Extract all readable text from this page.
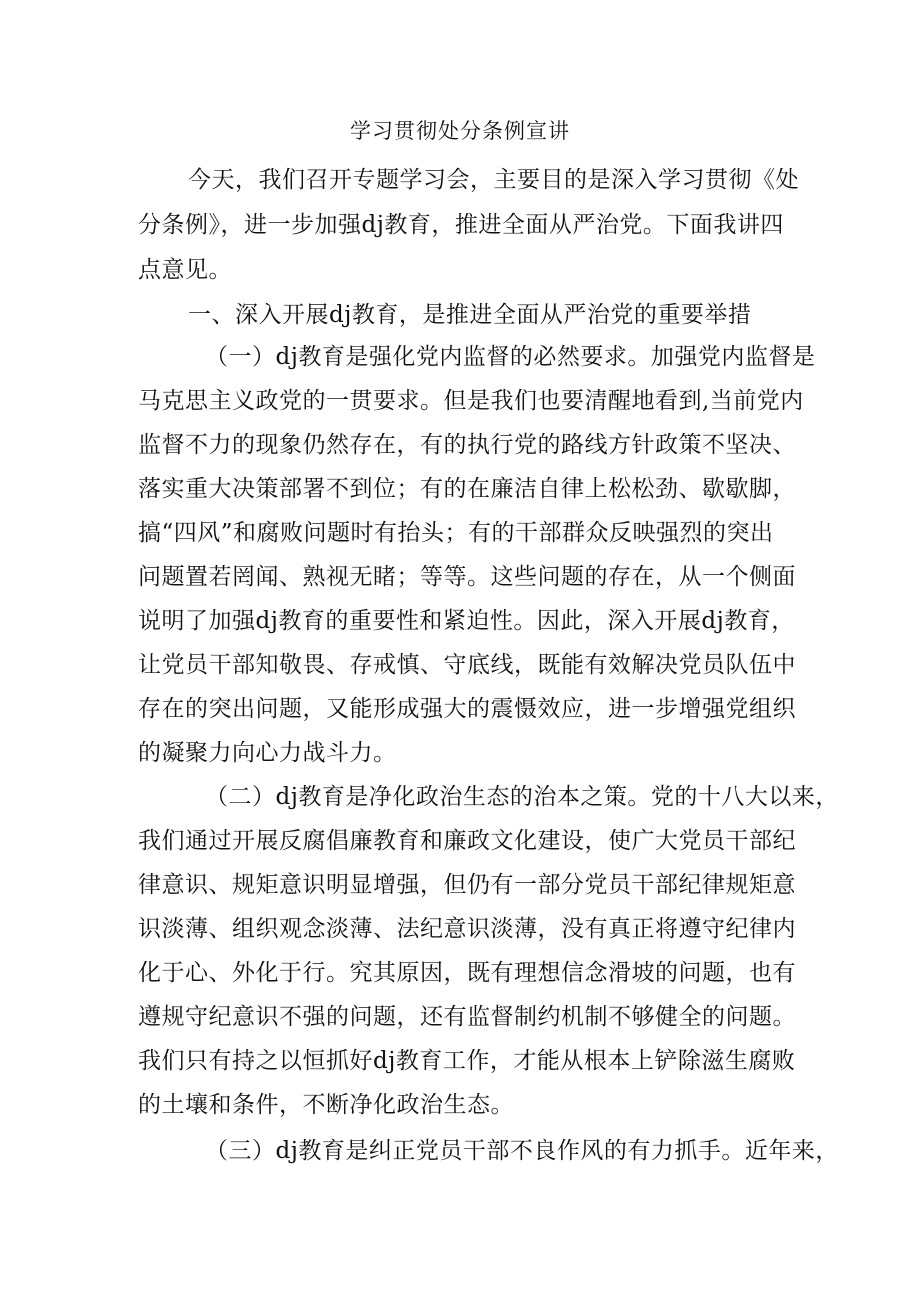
学习贯彻处分条例宣讲
今天，我们召开专题学习会，主要目的是深入学习贯彻《处
分条例》，进一步加强dj教育，推进全面从严治党。下面我讲四
点意见。
一、深入开展dj教育，是推进全面从严治党的重要举措
（一）dj教育是强化党内监督的必然要求。加强党内监督是
马克思主义政党的一贯要求。但是我们也要清醒地看到,当前党内
监督不力的现象仍然存在，有的执行党的路线方针政策不坚决、
落实重大决策部署不到位；有的在廉洁自律上松松劲、歇歇脚，
搞“四风”和腐败问题时有抬头；有的干部群众反映强烈的突出
问题置若罔闻、熟视无睹；等等。这些问题的存在，从一个侧面
说明了加强dj教育的重要性和紧迫性。因此，深入开展dj教育，
让党员干部知敬畏、存戒慎、守底线，既能有效解决党员队伍中
存在的突出问题，又能形成强大的震慑效应，进一步增强党组织
的凝聚力向心力战斗力。
（二）dj教育是净化政治生态的治本之策。党的十八大以来，
我们通过开展反腐倡廉教育和廉政文化建设，使广大党员干部纪
律意识、规矩意识明显增强，但仍有一部分党员干部纪律规矩意
识淡薄、组织观念淡薄、法纪意识淡薄，没有真正将遵守纪律内
化于心、外化于行。究其原因，既有理想信念滑坡的问题，也有
遵规守纪意识不强的问题，还有监督制约机制不够健全的问题。
我们只有持之以恒抓好dj教育工作，才能从根本上铲除滋生腐败
的土壤和条件，不断净化政治生态。
（三）dj教育是纠正党员干部不良作风的有力抓手。近年来，
